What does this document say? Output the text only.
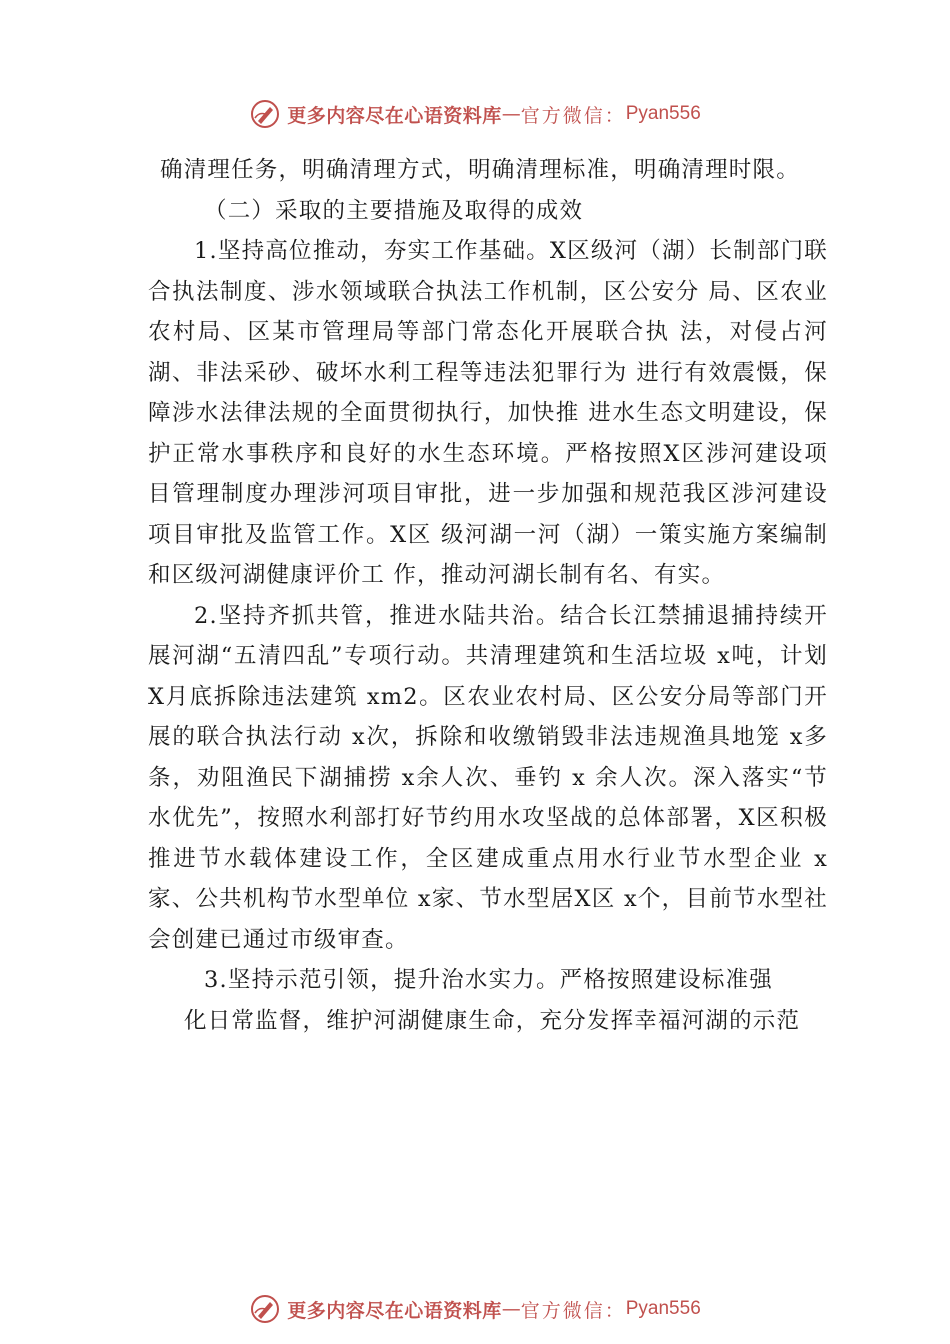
更多内容尽在心语资料库 — 官方微信： Pyan556

确清理任务，明确清理方式，明确清理标准，明确清理时限。

（二）采取的主要措施及取得的成效

1.坚持高位推动，夯实工作基础。X区级河（湖）长制部门联合执法制度、涉水领域联合执法工作机制，区公安分 局、区农业农村局、区某市管理局等部门常态化开展联合执 法，对侵占河湖、非法采砂、破坏水利工程等违法犯罪行为 进行有效震慑，保障涉水法律法规的全面贯彻执行，加快推 进水生态文明建设，保护正常水事秩序和良好的水生态环境。严格按照X区涉河建设项目管理制度办理涉河项目审批，进一步加强和规范我区涉河建设项目审批及监管工作。X区 级河湖一河（湖）一策实施方案编制和区级河湖健康评价工 作，推动河湖长制有名、有实。

2.坚持齐抓共管，推进水陆共治。结合长江禁捕退捕持续开展河湖“五清四乱”专项行动。共清理建筑和生活垃圾 x吨，计划 X月底拆除违法建筑 xm2。区农业农村局、区公安分局等部门开展的联合执法行动 x次，拆除和收缴销毁非法违规渔具地笼 x多条，劝阻渔民下湖捕捞 x余人次、垂钓 x 余人次。深入落实“节水优先”，按照水利部打好节约用水攻坚战的总体部署，X区积极推进节水载体建设工作，全区建成重点用水行业节水型企业 x家、公共机构节水型单位 x家、节水型居X区 x个，目前节水型社会创建已通过市级审查。

3.坚持示范引领，提升治水实力。严格按照建设标准强
化日常监督，维护河湖健康生命，充分发挥幸福河湖的示范

更多内容尽在心语资料库 — 官方微信： Pyan556
